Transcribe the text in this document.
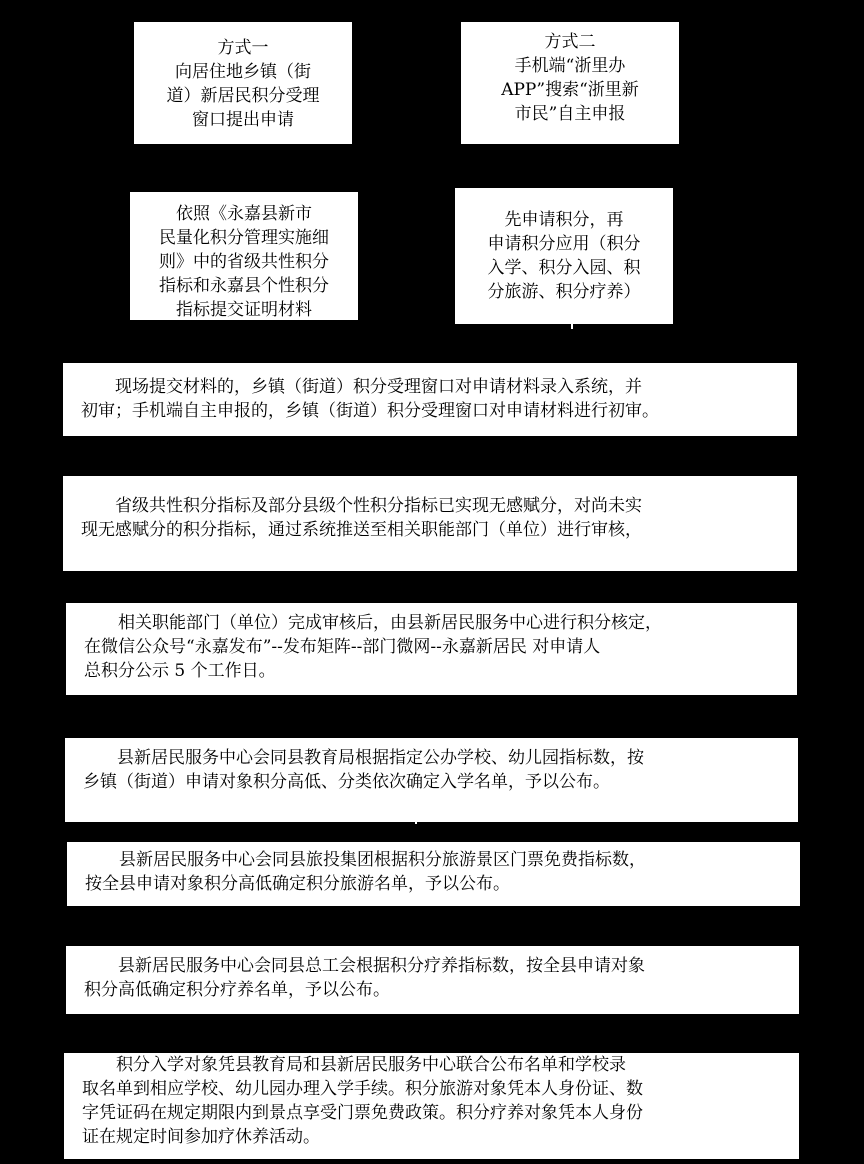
方式一
向居住地乡镇（街
道）新居民积分受理
窗口提出申请
方式二
手机端“浙里办
APP”搜索“浙里新
市民”自主申报
依照《永嘉县新市
民量化积分管理实施细
则》中的省级共性积分
指标和永嘉县个性积分
指标提交证明材料
先申请积分，再
申请积分应用（积分
入学、积分入园、积
分旅游、积分疗养）
现场提交材料的，乡镇（街道）积分受理窗口对申请材料录入系统，并
初审；手机端自主申报的，乡镇（街道）积分受理窗口对申请材料进行初审。
省级共性积分指标及部分县级个性积分指标已实现无感赋分，对尚未实
现无感赋分的积分指标，通过系统推送至相关职能部门（单位）进行审核，
相关职能部门（单位）完成审核后，由县新居民服务中心进行积分核定，
在微信公众号“永嘉发布”--发布矩阵--部门微网--永嘉新居民 对申请人
总积分公示 5 个工作日。
县新居民服务中心会同县教育局根据指定公办学校、幼儿园指标数，按
乡镇（街道）申请对象积分高低、分类依次确定入学名单，予以公布。
县新居民服务中心会同县旅投集团根据积分旅游景区门票免费指标数，
按全县申请对象积分高低确定积分旅游名单，予以公布。
县新居民服务中心会同县总工会根据积分疗养指标数，按全县申请对象
积分高低确定积分疗养名单，予以公布。
积分入学对象凭县教育局和县新居民服务中心联合公布名单和学校录
取名单到相应学校、幼儿园办理入学手续。积分旅游对象凭本人身份证、数
字凭证码在规定期限内到景点享受门票免费政策。积分疗养对象凭本人身份
证在规定时间参加疗休养活动。
